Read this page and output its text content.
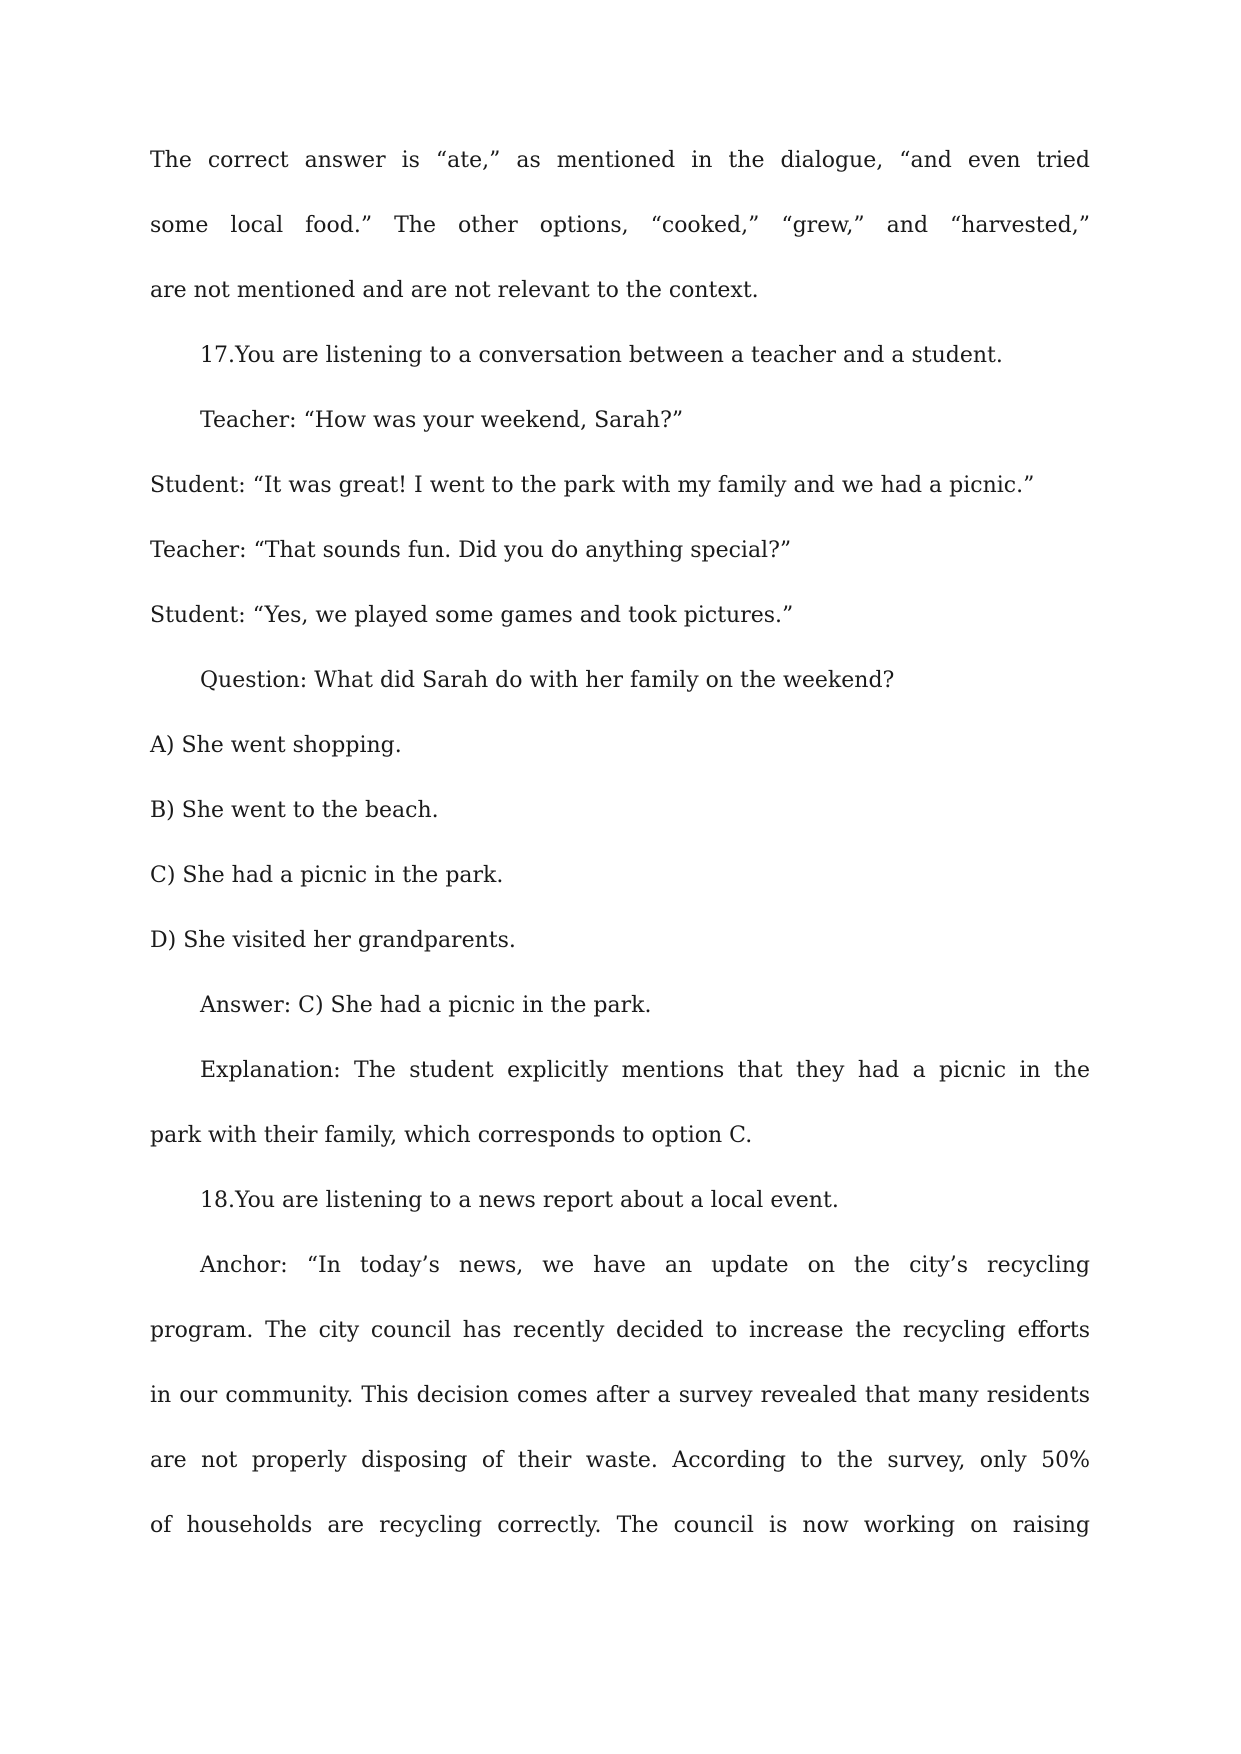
The correct answer is “ate,” as mentioned in the dialogue, “and even tried
some local food.” The other options, “cooked,” “grew,” and “harvested,”
are not mentioned and are not relevant to the context.
17.You are listening to a conversation between a teacher and a student.
Teacher: “How was your weekend, Sarah?”
Student: “It was great! I went to the park with my family and we had a picnic.”
Teacher: “That sounds fun. Did you do anything special?”
Student: “Yes, we played some games and took pictures.”
Question: What did Sarah do with her family on the weekend?
A) She went shopping.
B) She went to the beach.
C) She had a picnic in the park.
D) She visited her grandparents.
Answer: C) She had a picnic in the park.
Explanation: The student explicitly mentions that they had a picnic in the
park with their family, which corresponds to option C.
18.You are listening to a news report about a local event.
Anchor: “In today’s news, we have an update on the city’s recycling
program. The city council has recently decided to increase the recycling efforts
in our community. This decision comes after a survey revealed that many residents
are not properly disposing of their waste. According to the survey, only 50%
of households are recycling correctly. The council is now working on raising
